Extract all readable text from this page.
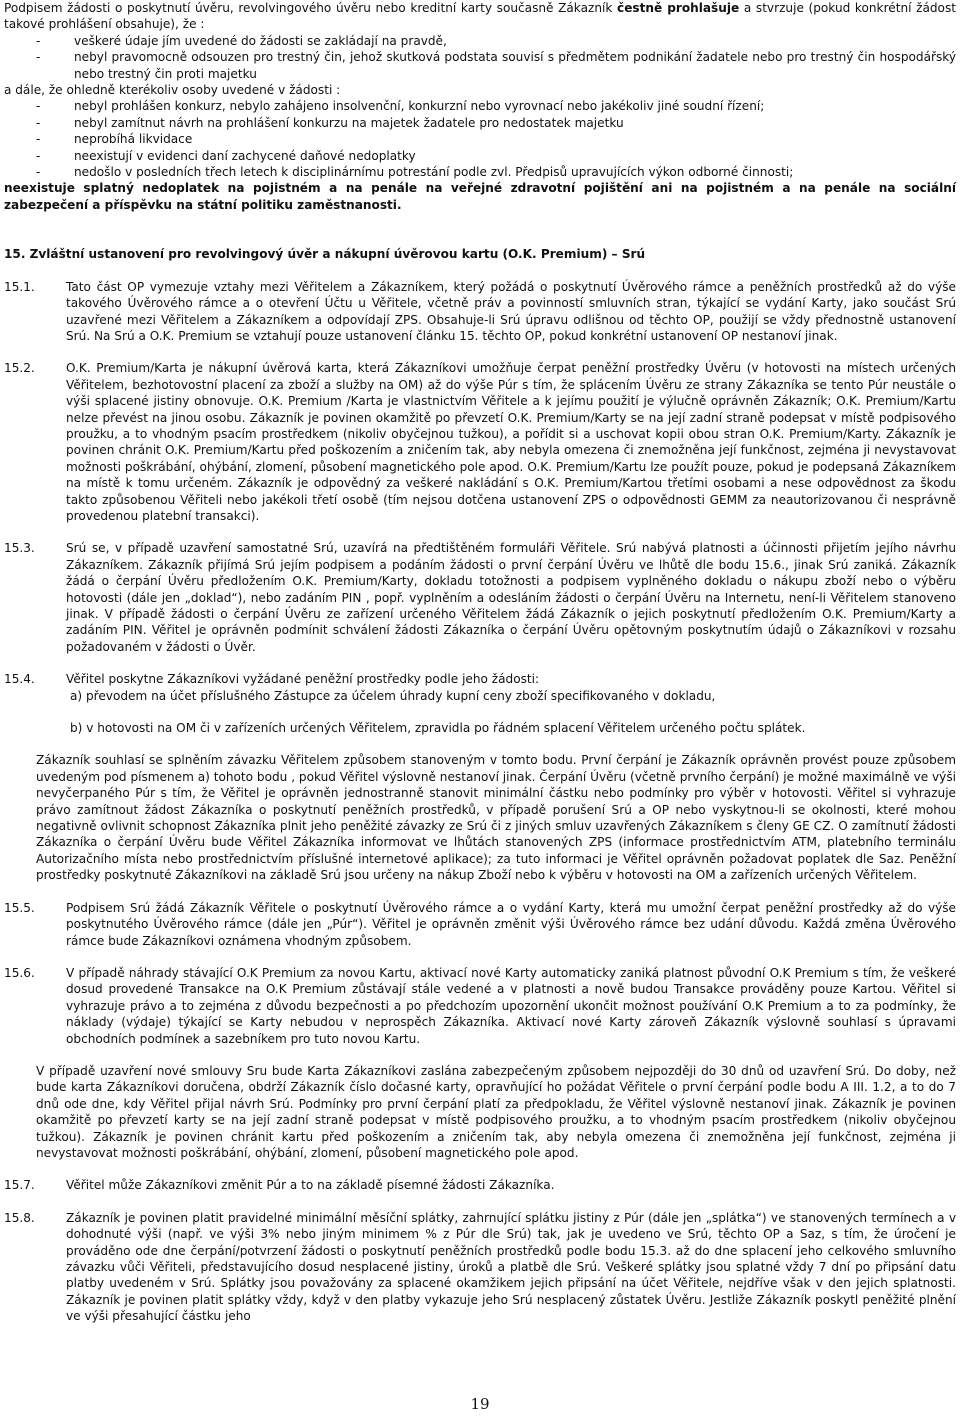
Podpisem žádosti o poskytnutí úvěru, revolvingového úvěru nebo kreditní karty současně Zákazník čestně prohlašuje a stvrzuje (pokud konkrétní žádost takové prohlášení obsahuje), že :

- veškeré údaje jím uvedené do žádosti se zakládají na pravdě,
- nebyl pravomocně odsouzen pro trestný čin, jehož skutková podstata souvisí s předmětem podnikání žadatele nebo pro trestný čin hospodářský nebo trestný čin proti majetku

a dále, že ohledně kterékoliv osoby uvedené v žádosti :

- nebyl prohlášen konkurz, nebylo zahájeno insolvenční, konkurzní nebo vyrovnací nebo jakékoliv jiné soudní řízení;
- nebyl zamítnut návrh na prohlášení konkurzu na majetek žadatele pro nedostatek majetku
- neprobíhá likvidace
- neexistují v evidenci daní zachycené daňové nedoplatky
- nedošlo v posledních třech letech k disciplinárnímu potrestání podle zvl. Předpisů upravujících výkon odborné činnosti;

neexistuje splatný nedoplatek na pojistném a na penále na veřejné zdravotní pojištění ani na pojistném a na penále na sociální zabezpečení a příspěvku na státní politiku zaměstnanosti.

15. Zvláštní ustanovení pro revolvingový úvěr a nákupní úvěrovou kartu (O.K. Premium) – Srú

15.1.	Tato část OP vymezuje vztahy mezi Věřitelem a Zákazníkem, který požádá o poskytnutí Úvěrového rámce a peněžních prostředků až do výše takového Úvěrového rámce a o otevření Účtu u Věřitele, včetně práv a povinností smluvních stran, týkající se vydání Karty, jako součást Srú uzavřené mezi Věřitelem a Zákazníkem a odpovídají ZPS. Obsahuje-li Srú úpravu odlišnou od těchto OP, použijí se vždy přednostně ustanovení Srú. Na Srú a O.K. Premium se vztahují pouze ustanovení článku 15. těchto OP, pokud konkrétní ustanovení OP nestanoví jinak.
15.2.	O.K. Premium/Karta je nákupní úvěrová karta, která Zákazníkovi umožňuje čerpat peněžní prostředky Úvěru (v hotovosti na místech určených Věřitelem, bezhotovostní placení za zboží a služby na OM) až do výše Púr s tím, že splácením Úvěru ze strany Zákazníka se tento Púr neustále o výši splacené jistiny obnovuje. O.K. Premium /Karta je vlastnictvím Věřitele a k jejímu použití je výlučně oprávněn Zákazník; O.K. Premium/Kartu nelze převést na jinou osobu. Zákazník je povinen okamžitě po převzetí O.K. Premium/Karty se na její zadní straně podepsat v místě podpisového proužku, a to vhodným psacím prostředkem (nikoliv obyčejnou tužkou), a pořídit si a uschovat kopii obou stran O.K. Premium/Karty. Zákazník je povinen chránit O.K. Premium/Kartu před poškozením a zničením tak, aby nebyla omezena či znemožněna její funkčnost, zejména ji nevystavovat možnosti poškrábání, ohýbání, zlomení, působení magnetického pole apod. O.K. Premium/Kartu lze použít pouze, pokud je podepsaná Zákazníkem na místě k tomu určeném. Zákazník je odpovědný za veškeré nakládání s O.K. Premium/Kartou třetími osobami a nese odpovědnost za škodu takto způsobenou Věřiteli nebo jakékoli třetí osobě (tím nejsou dotčena ustanovení ZPS o odpovědnosti GEMM za neautorizovanou či nesprávně provedenou platební transakci).
15.3.	Srú se, v případě uzavření samostatné Srú, uzavírá na předtištěném formuláři Věřitele. Srú nabývá platnosti a účinnosti přijetím jejího návrhu Zákazníkem. Zákazník přijímá Srú jejím podpisem a podáním žádosti o první čerpání Úvěru ve lhůtě dle bodu 15.6., jinak Srú zaniká. Zákazník žádá o čerpání Úvěru předložením O.K. Premium/Karty, dokladu totožnosti a podpisem vyplněného dokladu o nákupu zboží nebo o výběru hotovosti (dále jen „doklad“), nebo zadáním PIN , popř. vyplněním a odesláním žádosti o čerpání Úvěru na Internetu, není-li Věřitelem stanoveno jinak. V případě žádosti o čerpání Úvěru ze zařízení určeného Věřitelem žádá Zákazník o jejich poskytnutí předložením O.K. Premium/Karty a zadáním PIN. Věřitel je oprávněn podmínit schválení žádosti Zákazníka o čerpání Úvěru opětovným poskytnutím údajů o Zákazníkovi v rozsahu požadovaném v žádosti o Úvěr.
15.4.	Věřitel poskytne Zákazníkovi vyžádané peněžní prostředky podle jeho žádosti:

a) převodem na účet příslušného Zástupce za účelem úhrady kupní ceny zboží specifikovaného v dokladu,

b) v hotovosti na OM či v zařízeních určených Věřitelem, zpravidla po řádném splacení Věřitelem určeného počtu splátek.

Zákazník souhlasí se splněním závazku Věřitelem způsobem stanoveným v tomto bodu. První čerpání je Zákazník oprávněn provést pouze způsobem uvedeným pod písmenem a) tohoto bodu , pokud Věřitel výslovně nestanoví jinak. Čerpání Úvěru (včetně prvního čerpání) je možné maximálně ve výši nevyčerpaného Púr s tím, že Věřitel je oprávněn jednostranně stanovit minimální částku nebo podmínky pro výběr v hotovosti. Věřitel si vyhrazuje právo zamítnout žádost Zákazníka o poskytnutí peněžních prostředků, v případě porušení Srú a OP nebo vyskytnou-li se okolnosti, které mohou negativně ovlivnit schopnost Zákazníka plnit jeho peněžité závazky ze Srú či z jiných smluv uzavřených Zákazníkem s členy GE CZ. O zamítnutí žádosti Zákazníka o čerpání Úvěru bude Věřitel Zákazníka informovat ve lhůtách stanovených ZPS (informace prostřednictvím ATM, platebního terminálu Autorizačního místa nebo prostřednictvím příslušné internetové aplikace); za tuto informaci je Věřitel oprávněn požadovat poplatek dle Saz. Peněžní prostředky poskytnuté Zákazníkovi na základě Srú jsou určeny na nákup Zboží nebo k výběru v hotovosti na OM a zařízeních určených Věřitelem.

15.5.	Podpisem Srú žádá Zákazník Věřitele o poskytnutí Úvěrového rámce a o vydání Karty, která mu umožní čerpat peněžní prostředky až do výše poskytnutého Úvěrového rámce (dále jen „Púr“). Věřitel je oprávněn změnit výši Úvěrového rámce bez udání důvodu. Každá změna Úvěrového rámce bude Zákazníkovi oznámena vhodným způsobem.
15.6.	V případě náhrady stávající O.K Premium za novou Kartu, aktivací nové Karty automaticky zaniká platnost původní O.K Premium s tím, že veškeré dosud provedené Transakce na O.K Premium zůstávají stále vedené a v platnosti a nově budou Transakce prováděny pouze Kartou. Věřitel si vyhrazuje právo a to zejména z důvodu bezpečnosti a po předchozím upozornění ukončit možnost používání O.K Premium a to za podmínky, že náklady (výdaje) týkající se Karty nebudou v neprospěch Zákazníka. Aktivací nové Karty zároveň Zákazník výslovně souhlasí s úpravami obchodních podmínek a sazebníkem pro tuto novou Kartu.

V případě uzavření nové smlouvy Sru bude Karta Zákazníkovi zaslána zabezpečeným způsobem nejpozději do 30 dnů od uzavření Srú. Do doby, než bude karta Zákazníkovi doručena, obdrží Zákazník číslo dočasné karty, opravňující ho požádat Věřitele o první čerpání podle bodu A III. 1.2, a to do 7 dnů ode dne, kdy Věřitel přijal návrh Srú. Podmínky pro první čerpání platí za předpokladu, že Věřitel výslovně nestanoví jinak. Zákazník je povinen okamžitě po převzetí karty se na její zadní straně podepsat v místě podpisového proužku, a to vhodným psacím prostředkem (nikoliv obyčejnou tužkou). Zákazník je povinen chránit kartu před poškozením a zničením tak, aby nebyla omezena či znemožněna její funkčnost, zejména ji nevystavovat možnosti poškrábání, ohýbání, zlomení, působení magnetického pole apod.

15.7.	Věřitel může Zákazníkovi změnit Púr a to na základě písemné žádosti Zákazníka.
15.8.	Zákazník je povinen platit pravidelné minimální měsíční splátky, zahrnující splátku jistiny z Púr (dále jen „splátka“) ve stanovených termínech a v dohodnuté výši (např. ve výši 3% nebo jiným minimem % z Púr dle Srú) tak, jak je uvedeno ve Srú, těchto OP a Saz, s tím, že úročení je prováděno ode dne čerpání/potvrzení žádosti o poskytnutí peněžních prostředků podle bodu 15.3. až do dne splacení jeho celkového smluvního závazku vůči Věřiteli, představujícího dosud nesplacené jistiny, úroků a platbě dle Srú. Veškeré splátky jsou splatné vždy 7 dní po připsání datu platby uvedeném v Srú. Splátky jsou považovány za splacené okamžikem jejich připsání na účet Věřitele, nejdříve však v den jejich splatnosti. Zákazník je povinen platit splátky vždy, když v den platby vykazuje jeho Srú nesplacený zůstatek Úvěru. Jestliže Zákazník poskytl peněžité plnění ve výši přesahující částku jeho
19
